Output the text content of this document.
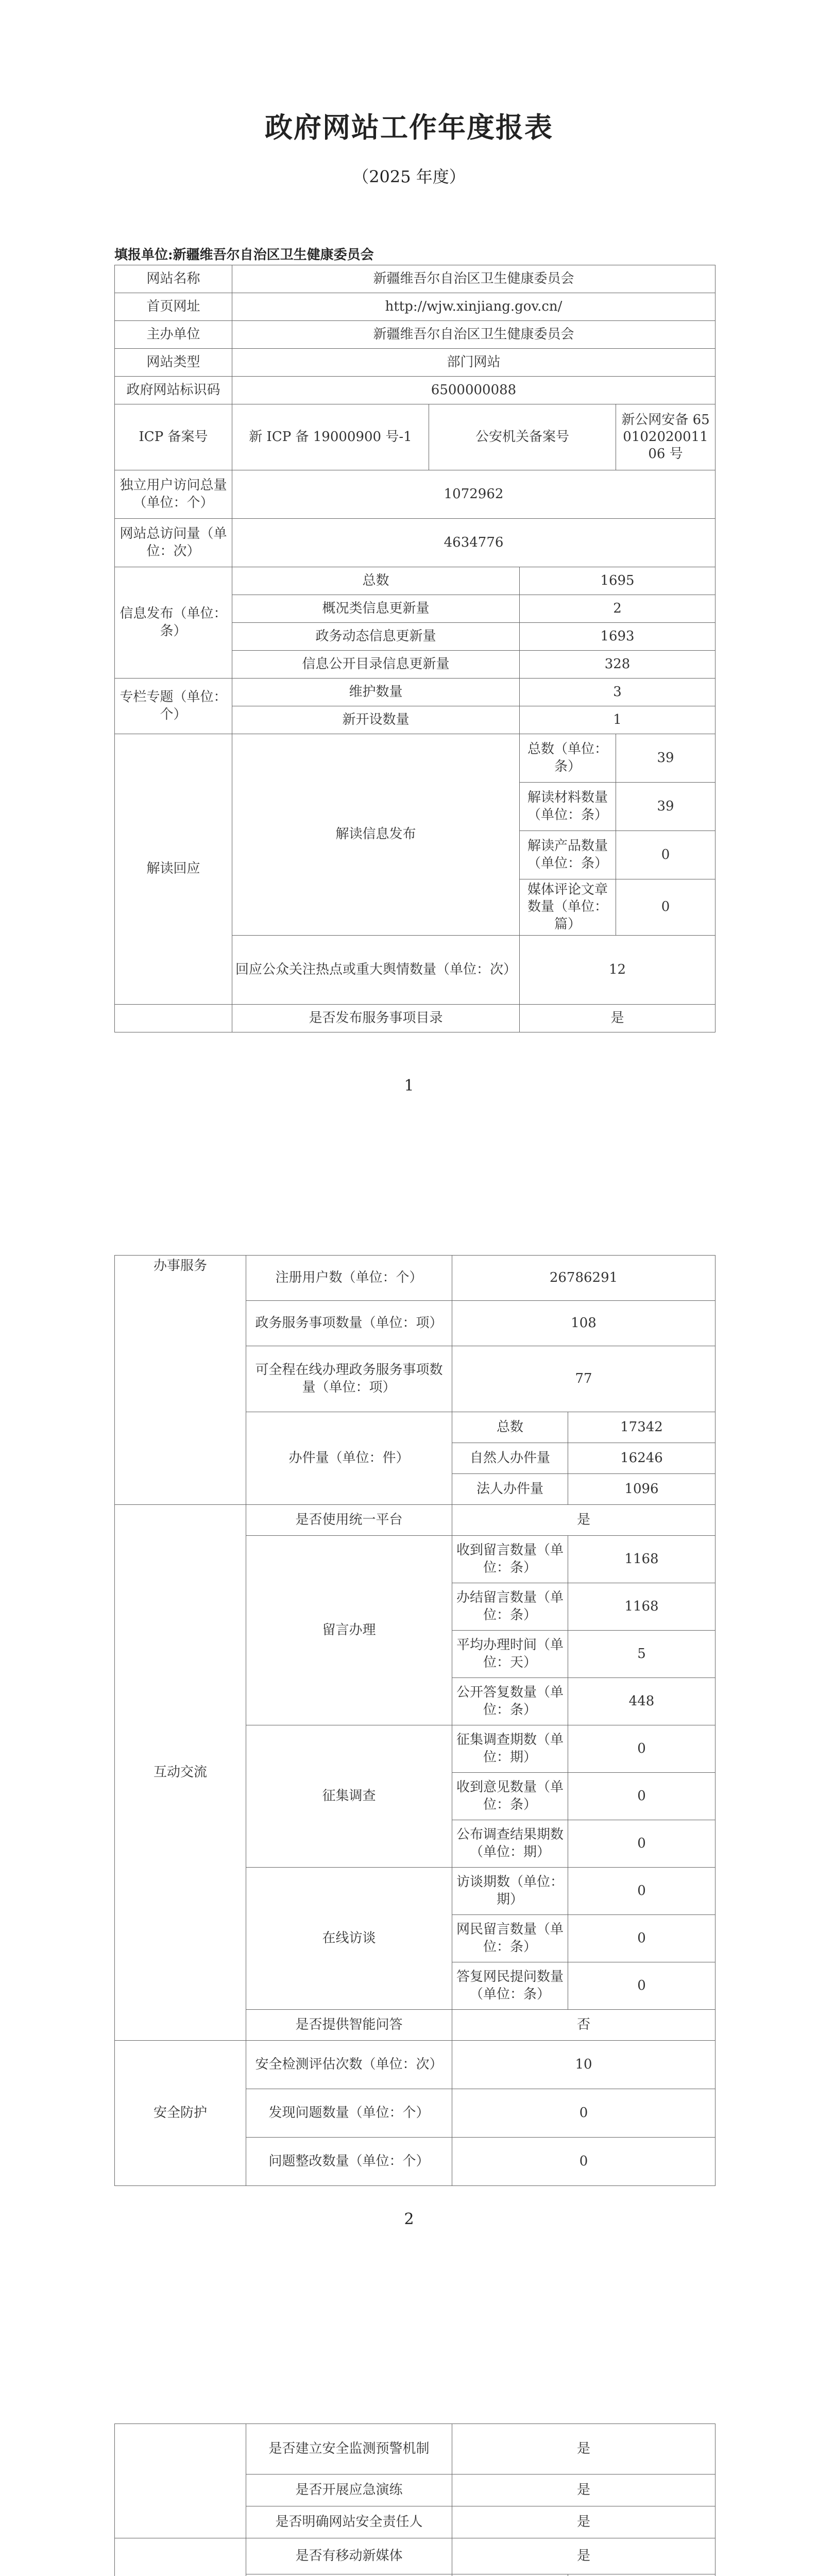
政府网站工作年度报表
（2025 年度）
填报单位:新疆维吾尔自治区卫生健康委员会
网站名称	新疆维吾尔自治区卫生健康委员会			
首页网址	http://wjw.xinjiang.gov.cn/			
主办单位	新疆维吾尔自治区卫生健康委员会			
网站类型	部门网站			
政府网站标识码	6500000088			
ICP 备案号	新 ICP 备 19000900 号-1	公安机关备案号		新公网安备 65010202001106 号
独立用户访问总量（单位：个）	1072962			
网站总访问量（单位：次）	4634776			
信息发布（单位：条）	总数		1695	
	概况类信息更新量		2	
	政务动态信息更新量		1693	
	信息公开目录信息更新量		328	
专栏专题（单位：个）	维护数量		3	
	新开设数量		1	
解读回应	解读信息发布		总数（单位：条）	39
			解读材料数量（单位：条）	39
			解读产品数量（单位：条）	0
			媒体评论文章数量（单位：篇）	0
	回应公众关注热点或重大舆情数量（单位：次）		12	
	是否发布服务事项目录		是	
1
办事服务	注册用户数（单位：个）	26786291	
	政务服务事项数量（单位：项）	108	
	可全程在线办理政务服务事项数量（单位：项）	77	
	办件量（单位：件）	总数	17342
		自然人办件量	16246
		法人办件量	1096
互动交流	是否使用统一平台	是	
	留言办理	收到留言数量（单位：条）	1168
		办结留言数量（单位：条）	1168
		平均办理时间（单位：天）	5
		公开答复数量（单位：条）	448
	征集调查	征集调查期数（单位：期）	0
		收到意见数量（单位：条）	0
		公布调查结果期数（单位：期）	0
	在线访谈	访谈期数（单位：期）	0
		网民留言数量（单位：条）	0
		答复网民提问数量（单位：条）	0
	是否提供智能问答	否	
安全防护	安全检测评估次数（单位：次）	10	
	发现问题数量（单位：个）	0	
	问题整改数量（单位：个）	0	
2
	是否建立安全监测预警机制	是	
	是否开展应急演练	是	
	是否明确网站安全责任人	是	
	是否有移动新媒体	是	
